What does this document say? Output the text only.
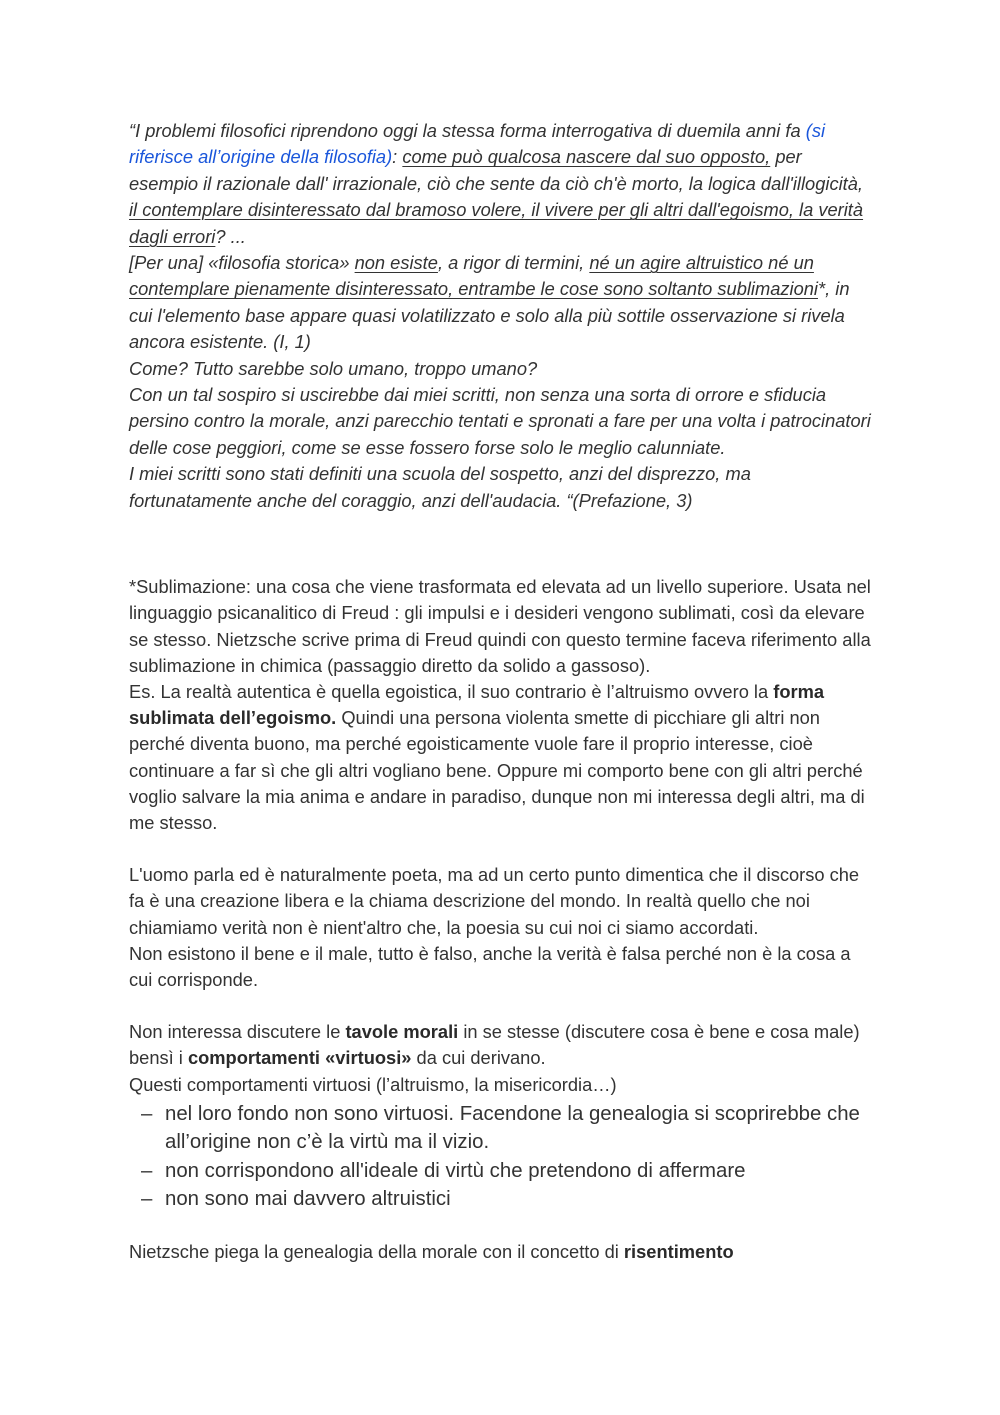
“I problemi filosofici riprendono oggi la stessa forma interrogativa di duemila anni fa (si riferisce all’origine della filosofia): come può qualcosa nascere dal suo opposto, per esempio il razionale dall' irrazionale, ciò che sente da ciò ch'è morto, la logica dall'illogicità, il contemplare disinteressato dal bramoso volere, il vivere per gli altri dall'egoismo, la verità dagli errori? ...

[Per una] «filosofia storica» non esiste, a rigor di termini, né un agire altruistico né un contemplare pienamente disinteressato, entrambe le cose sono soltanto sublimazioni*, in cui l'elemento base appare quasi volatilizzato e solo alla più sottile osservazione si rivela ancora esistente. (I, 1)

Come? Tutto sarebbe solo umano, troppo umano?

Con un tal sospiro si uscirebbe dai miei scritti, non senza una sorta di orrore e sfiducia persino contro la morale, anzi parecchio tentati e spronati a fare per una volta i patrocinatori delle cose peggiori, come se esse fossero forse solo le meglio calunniate.

I miei scritti sono stati definiti una scuola del sospetto, anzi del disprezzo, ma fortunatamente anche del coraggio, anzi dell'audacia. “(Prefazione, 3)

*Sublimazione: una cosa che viene trasformata ed elevata ad un livello superiore. Usata nel linguaggio psicanalitico di Freud : gli impulsi e i desideri vengono sublimati, così da elevare se stesso. Nietzsche scrive prima di Freud quindi con questo termine faceva riferimento alla sublimazione in chimica (passaggio diretto da solido a gassoso).

Es. La realtà autentica è quella egoistica, il suo contrario è l’altruismo ovvero la forma sublimata dell’egoismo. Quindi una persona violenta smette di picchiare gli altri non perché diventa buono, ma perché egoisticamente vuole fare il proprio interesse, cioè continuare a far sì che gli altri vogliano bene. Oppure mi comporto bene con gli altri perché voglio salvare la mia anima e andare in paradiso, dunque non mi interessa degli altri, ma di me stesso.

L'uomo parla ed è naturalmente poeta, ma ad un certo punto dimentica che il discorso che fa è una creazione libera e la chiama descrizione del mondo. In realtà quello che noi chiamiamo verità non è nient'altro che, la poesia su cui noi ci siamo accordati.

Non esistono il bene e il male, tutto è falso, anche la verità è falsa perché non è la cosa a cui corrisponde.

Non interessa discutere le tavole morali in se stesse (discutere cosa è bene e cosa male) bensì i comportamenti «virtuosi» da cui derivano.

Questi comportamenti virtuosi (l’altruismo, la misericordia…)

– nel loro fondo non sono virtuosi. Facendone la genealogia si scoprirebbe che all’origine non c’è la virtù ma il vizio.
– non corrispondono all'ideale di virtù che pretendono di affermare
– non sono mai davvero altruistici

Nietzsche piega la genealogia della morale con il concetto di risentimento
